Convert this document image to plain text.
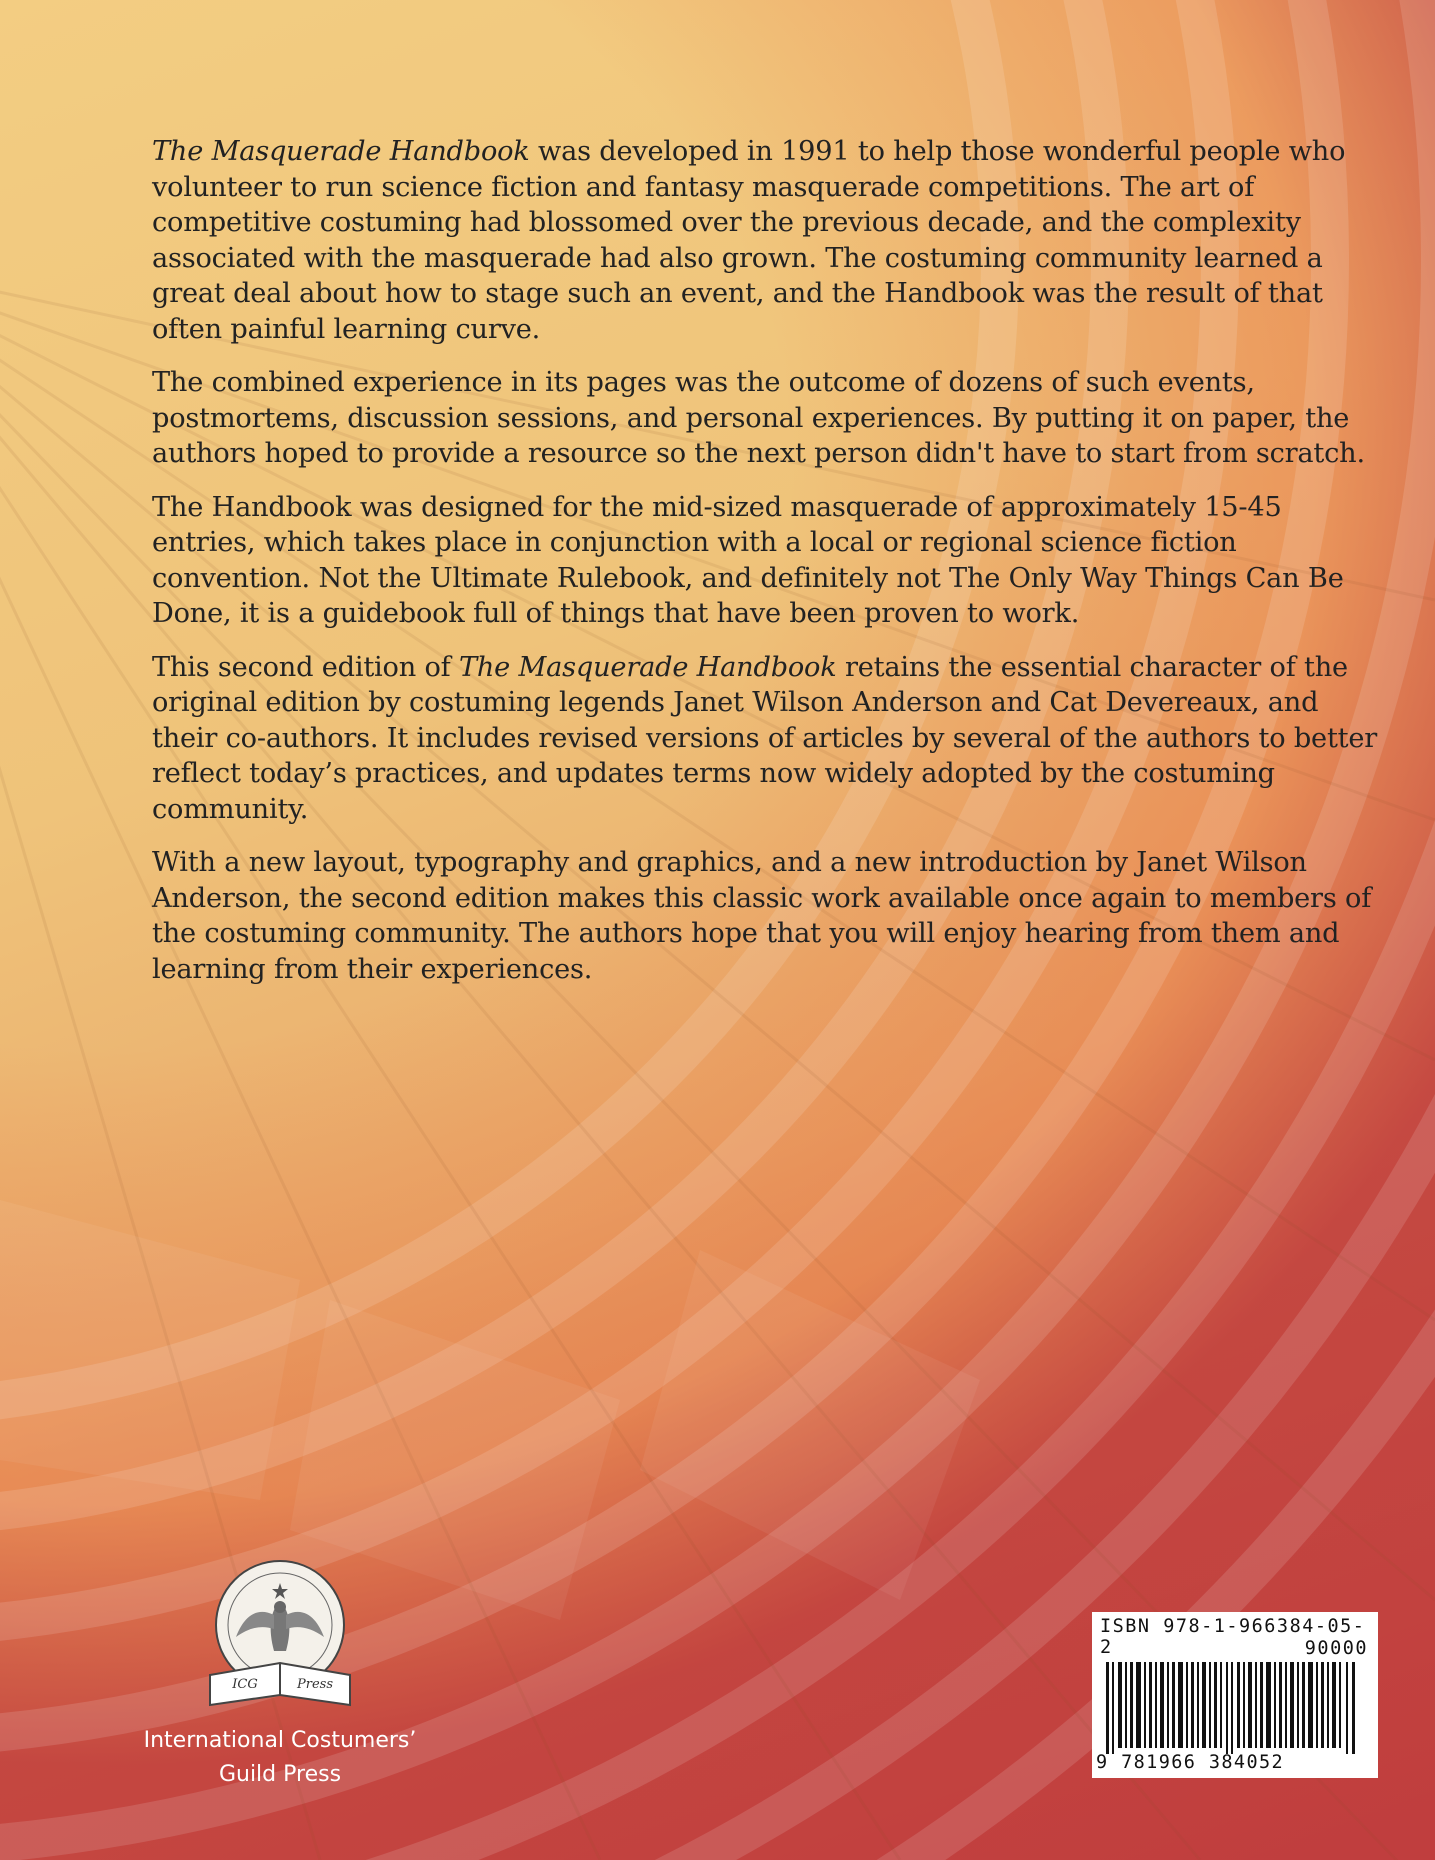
The Masquerade Handbook was developed in 1991 to help those wonderful people who volunteer to run science fiction and fantasy masquerade competitions. The art of competitive costuming had blossomed over the previous decade, and the complexity associated with the masquerade had also grown. The costuming community learned a great deal about how to stage such an event, and the Handbook was the result of that often painful learning curve.

The combined experience in its pages was the outcome of dozens of such events, postmortems, discussion sessions, and personal experiences. By putting it on paper, the authors hoped to provide a resource so the next person didn't have to start from scratch.

The Handbook was designed for the mid-sized masquerade of approximately 15-45 entries, which takes place in conjunction with a local or regional science fiction convention. Not the Ultimate Rulebook, and definitely not The Only Way Things Can Be Done, it is a guidebook full of things that have been proven to work.

This second edition of The Masquerade Handbook retains the essential character of the original edition by costuming legends Janet Wilson Anderson and Cat Devereaux, and their co-authors. It includes revised versions of articles by several of the authors to better reflect today’s practices, and updates terms now widely adopted by the costuming community.

With a new layout, typography and graphics, and a new introduction by Janet Wilson Anderson, the second edition makes this classic work available once again to members of the costuming community. The authors hope that you will enjoy hearing from them and learning from their experiences.

ICG	Press
International Costumers’
Guild Press
ISBN 978-1-966384-05-2	90000
9 781966 384052
